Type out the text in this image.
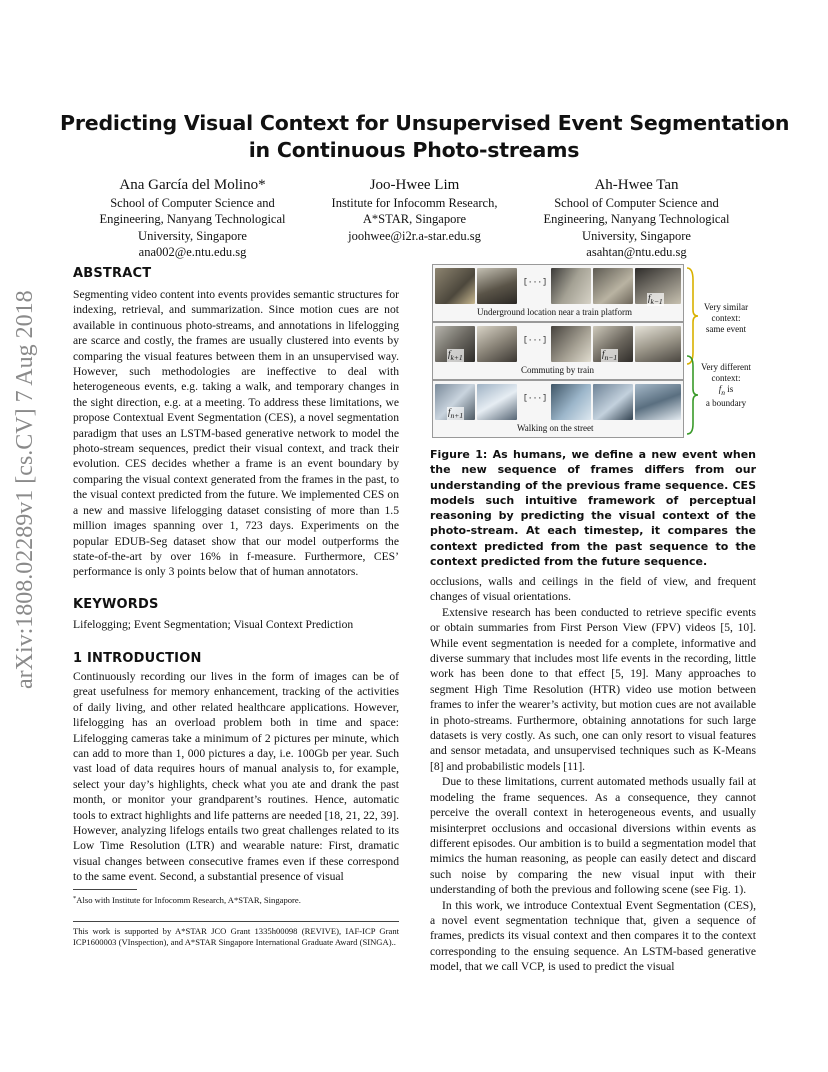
arXiv:1808.02289v1 [cs.CV] 7 Aug 2018
Predicting Visual Context for Unsupervised Event Segmentation
in Continuous Photo-streams
Ana García del Molino*
School of Computer Science and
Engineering, Nanyang Technological
University, Singapore
ana002@e.ntu.edu.sg
Joo-Hwee Lim
Institute for Infocomm Research,
A*STAR, Singapore
joohwee@i2r.a-star.edu.sg
Ah-Hwee Tan
School of Computer Science and
Engineering, Nanyang Technological
University, Singapore
asahtan@ntu.edu.sg
ABSTRACT

Segmenting video content into events provides semantic structures for indexing, retrieval, and summarization. Since motion cues are not available in continuous photo-streams, and annotations in lifelogging are scarce and costly, the frames are usually clustered into events by comparing the visual features between them in an unsupervised way. However, such methodologies are ineffective to deal with heterogeneous events, e.g. taking a walk, and temporary changes in the sight direction, e.g. at a meeting. To address these limitations, we propose Contextual Event Segmentation (CES), a novel segmentation paradigm that uses an LSTM-based generative network to model the photo-stream sequences, predict their visual context, and track their evolution. CES decides whether a frame is an event boundary by comparing the visual context generated from the frames in the past, to the visual context predicted from the future. We implemented CES on a new and massive lifelogging dataset consisting of more than 1.5 million images spanning over 1, 723 days. Experiments on the popular EDUB-Seg dataset show that our model outperforms the state-of-the-art by over 16% in f-measure. Furthermore, CES’ performance is only 3 points below that of human annotators.

KEYWORDS

Lifelogging; Event Segmentation; Visual Context Prediction

1 INTRODUCTION

Continuously recording our lives in the form of images can be of great usefulness for memory enhancement, tracking of the activities of daily living, and other related healthcare applications. However, lifelogging has an overload problem both in time and space: Lifelogging cameras take a minimum of 2 pictures per minute, which can add to more than 1, 000 pictures a day, i.e. 100Gb per year. Such vast load of data requires hours of manual analysis to, for example, select your day’s highlights, check what you ate and drank the past month, or monitor your grandparent’s routines. Hence, automatic tools to extract highlights and life patterns are needed [18, 21, 22, 39]. However, analyzing lifelogs entails two great challenges related to its Low Time Resolution (LTR) and wearable nature: First, dramatic visual changes between consecutive frames even if these correspond to the same event. Second, a substantial presence of visual

*Also with Institute for Infocomm Research, A*STAR, Singapore.
This work is supported by A*STAR JCO Grant 1335h00098 (REVIVE), IAF-ICP Grant ICP1600003 (VInspection), and A*STAR Singapore International Graduate Award (SINGA)..
[···]
$f_{k-1}$
Underground location near a train platform
$f_{k+1}$
[···]
$f_{n-1}$
Commuting by train
$f_{n+1}$
[···]
Walking on the street
Very similar
context:
same event
Very different
context:
$f_n$ is
a boundary
Figure 1: As humans, we define a new event when the new sequence of frames differs from our understanding of the previous frame sequence. CES models such intuitive framework of perceptual reasoning by predicting the visual context of the photo-stream. At each timestep, it compares the context predicted from the past sequence to the context predicted from the future sequence.

occlusions, walls and ceilings in the field of view, and frequent changes of visual orientations.

Extensive research has been conducted to retrieve specific events or obtain summaries from First Person View (FPV) videos [5, 10]. While event segmentation is needed for a complete, informative and diverse summary that includes most life events in the recording, little work has been done to that effect [5, 19]. Many approaches to segment High Time Resolution (HTR) video use motion between frames to infer the wearer’s activity, but motion cues are not available in photo-streams. Furthermore, obtaining annotations for such large datasets is very costly. As such, one can only resort to visual features and sensor metadata, and unsupervised techniques such as K-Means [8] and probabilistic models [11].

Due to these limitations, current automated methods usually fail at modeling the frame sequences. As a consequence, they cannot perceive the overall context in heterogeneous events, and usually misinterpret occlusions and occasional diversions within events as different episodes. Our ambition is to build a segmentation model that mimics the human reasoning, as people can easily detect and discard such noise by comparing the new visual input with their understanding of both the previous and following scene (see Fig. 1).

In this work, we introduce Contextual Event Segmentation (CES), a novel event segmentation technique that, given a sequence of frames, predicts its visual context and then compares it to the context corresponding to the ensuing sequence. An LSTM-based generative model, that we call VCP, is used to predict the visual
